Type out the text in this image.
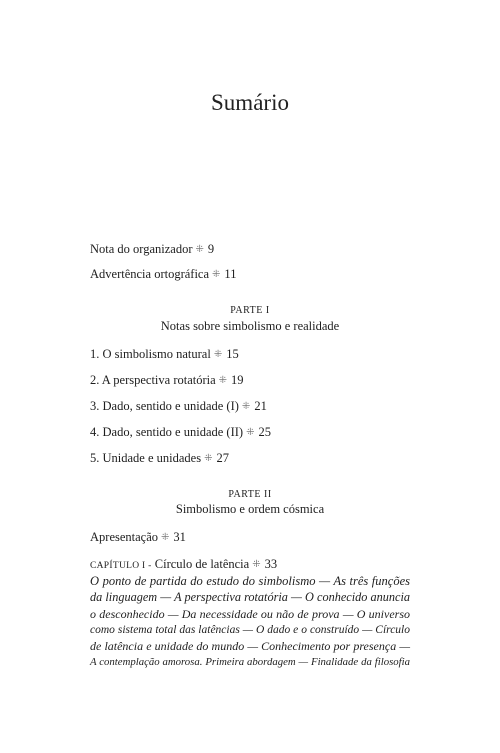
Sumário
Nota do organizador ⁜ 9
Advertência ortográfica ⁜ 11
PARTE I
Notas sobre simbolismo e realidade
1. O simbolismo natural ⁜ 15
2. A perspectiva rotatória ⁜ 19
3. Dado, sentido e unidade (I) ⁜ 21
4. Dado, sentido e unidade (II) ⁜ 25
5. Unidade e unidades ⁜ 27
PARTE II
Simbolismo e ordem cósmica
Apresentação ⁜ 31
CAPÍTULO I - Círculo de latência ⁜ 33
O ponto de partida do estudo do simbolismo — As três funções
da linguagem — A perspectiva rotatória — O conhecido anuncia
o desconhecido — Da necessidade ou não de prova — O universo
como sistema total das latências — O dado e o construído — Círculo
de latência e unidade do mundo — Conhecimento por presença —
A contemplação amorosa. Primeira abordagem — Finalidade da filosofia
